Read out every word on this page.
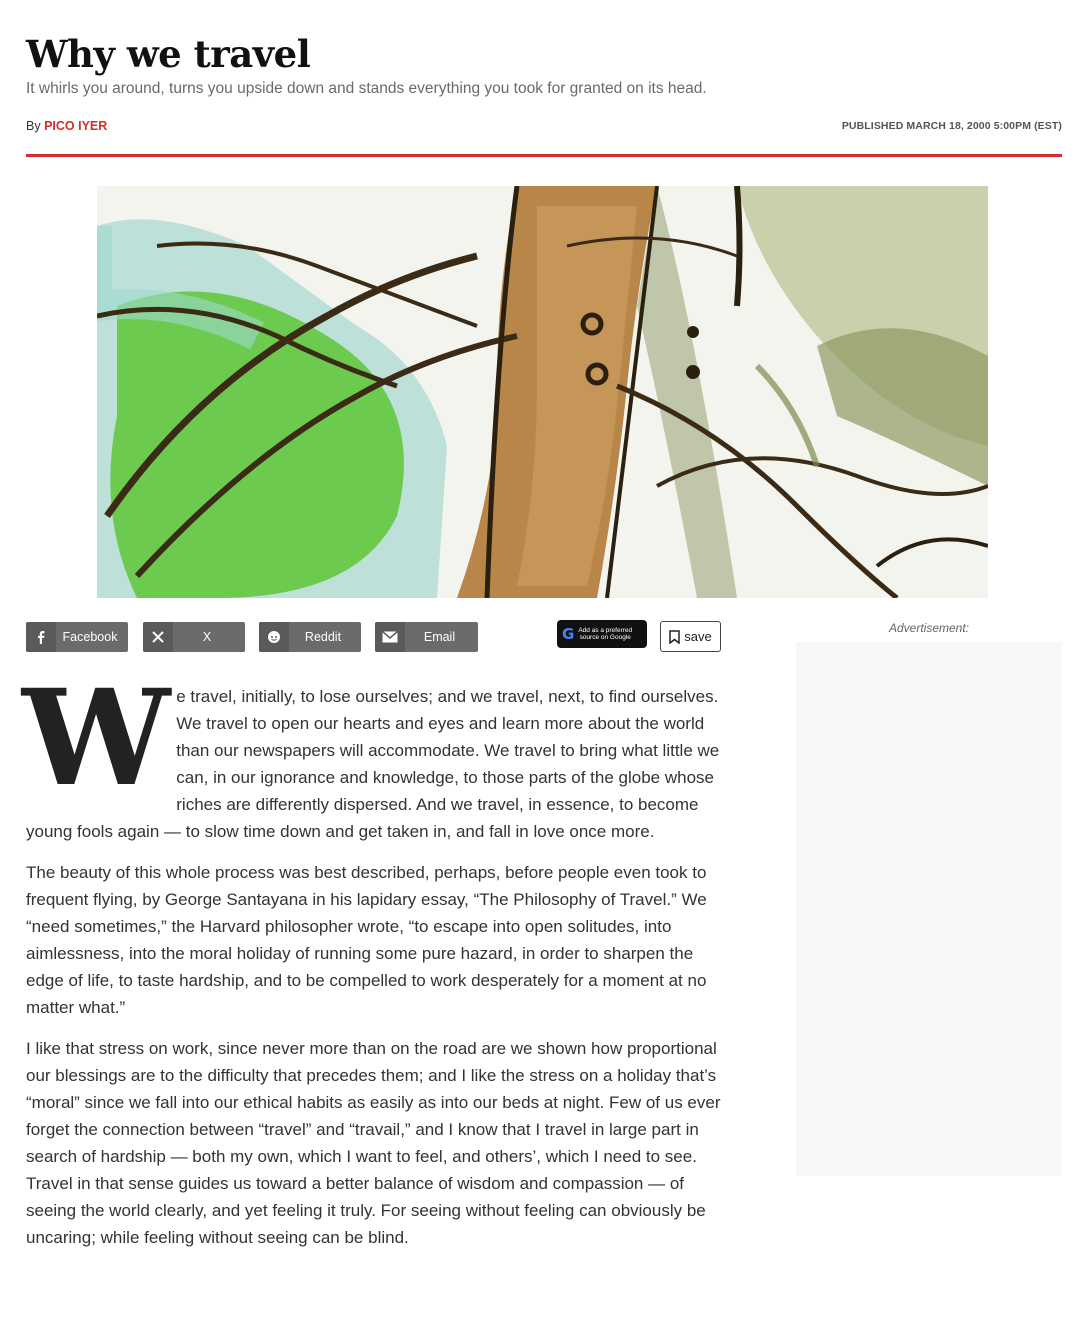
Why we travel
It whirls you around, turns you upside down and stands everything you took for granted on its head.
By PICO IYER	PUBLISHED MARCH 18, 2000 5:00PM (EST)
Facebook	X	Reddit	Email	G Add as a preferred
source on Google	save
Advertisement:

We travel, initially, to lose ourselves; and we travel, next, to find ourselves. We travel to open our hearts and eyes and learn more about the world than our newspapers will accommodate. We travel to bring what little we can, in our ignorance and knowledge, to those parts of the globe whose riches are differently dispersed. And we travel, in essence, to become young fools again — to slow time down and get taken in, and fall in love once more.

The beauty of this whole process was best described, perhaps, before people even took to frequent flying, by George Santayana in his lapidary essay, “The Philosophy of Travel.” We “need sometimes,” the Harvard philosopher wrote, “to escape into open solitudes, into aimlessness, into the moral holiday of running some pure hazard, in order to sharpen the edge of life, to taste hardship, and to be compelled to work desperately for a moment at no matter what.”

I like that stress on work, since never more than on the road are we shown how proportional our blessings are to the difficulty that precedes them; and I like the stress on a holiday that’s “moral” since we fall into our ethical habits as easily as into our beds at night. Few of us ever forget the connection between “travel” and “travail,” and I know that I travel in large part in search of hardship — both my own, which I want to feel, and others’, which I need to see. Travel in that sense guides us toward a better balance of wisdom and compassion — of seeing the world clearly, and yet feeling it truly. For seeing without feeling can obviously be uncaring; while feeling without seeing can be blind.
